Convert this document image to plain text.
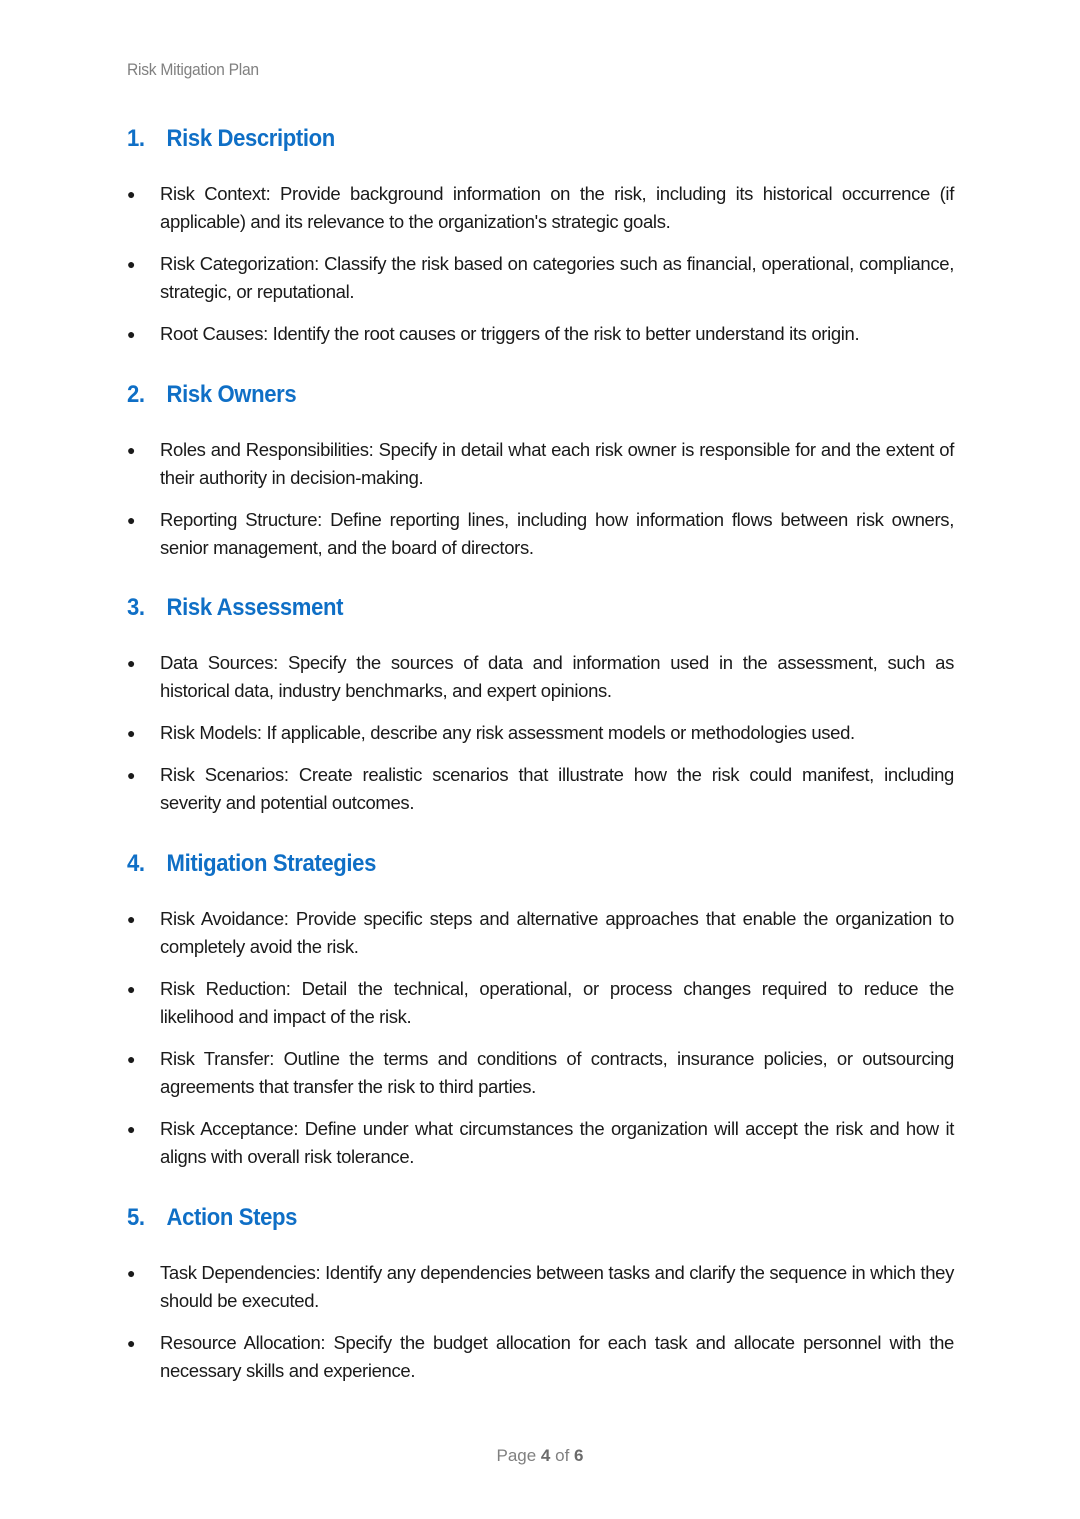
Risk Mitigation Plan
1. Risk Description
● Risk Context: Provide background information on the risk, including its historical occurrence (if applicable) and its relevance to the organization's strategic goals.
● Risk Categorization: Classify the risk based on categories such as financial, operational, compliance, strategic, or reputational.
● Root Causes: Identify the root causes or triggers of the risk to better understand its origin.
2. Risk Owners
● Roles and Responsibilities: Specify in detail what each risk owner is responsible for and the extent of their authority in decision-making.
● Reporting Structure: Define reporting lines, including how information flows between risk owners, senior management, and the board of directors.
3. Risk Assessment
● Data Sources: Specify the sources of data and information used in the assessment, such as historical data, industry benchmarks, and expert opinions.
● Risk Models: If applicable, describe any risk assessment models or methodologies used.
● Risk Scenarios: Create realistic scenarios that illustrate how the risk could manifest, including severity and potential outcomes.
4. Mitigation Strategies
● Risk Avoidance: Provide specific steps and alternative approaches that enable the organization to completely avoid the risk.
● Risk Reduction: Detail the technical, operational, or process changes required to reduce the likelihood and impact of the risk.
● Risk Transfer: Outline the terms and conditions of contracts, insurance policies, or outsourcing agreements that transfer the risk to third parties.
● Risk Acceptance: Define under what circumstances the organization will accept the risk and how it aligns with overall risk tolerance.
5. Action Steps
● Task Dependencies: Identify any dependencies between tasks and clarify the sequence in which they should be executed.
● Resource Allocation: Specify the budget allocation for each task and allocate personnel with the necessary skills and experience.
Page 4 of 6
